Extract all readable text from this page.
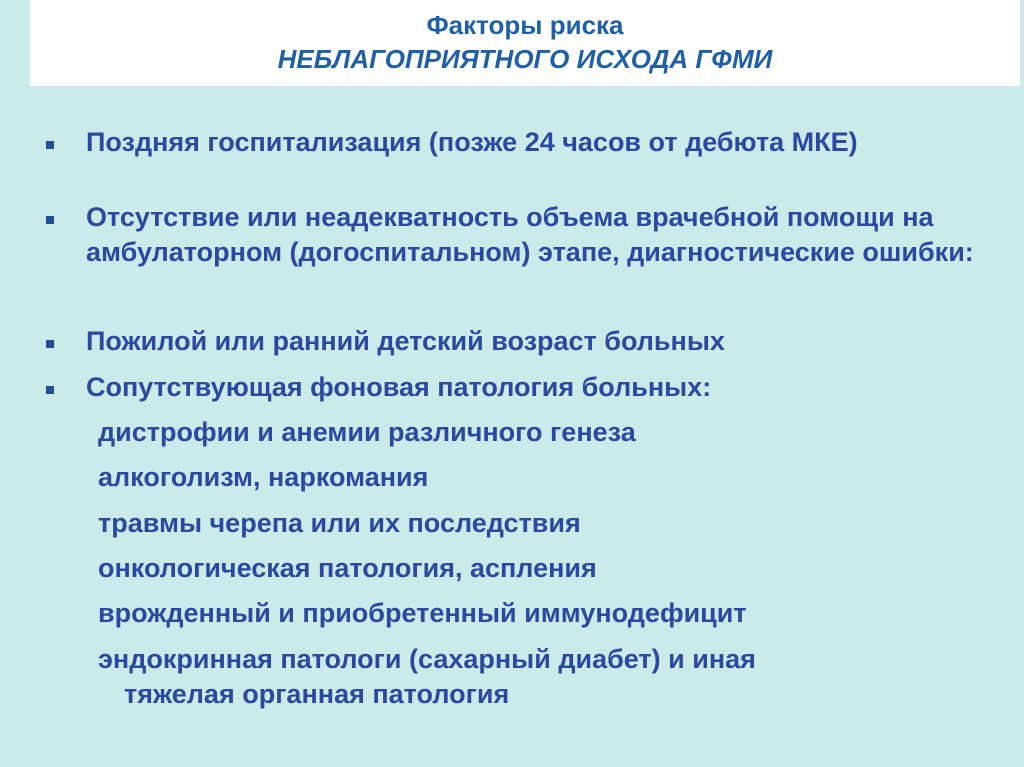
Факторы риска
НЕБЛАГОПРИЯТНОГО ИСХОДА ГФМИ
Поздняя госпитализация (позже 24 часов от дебюта МКЕ)
Отсутствие или неадекватность объема врачебной помощи на амбулаторном (догоспитальном) этапе, диагностические ошибки:
Пожилой или ранний детский возраст больных
Сопутствующая фоновая патология больных:
дистрофии и анемии различного генеза
алкоголизм, наркомания
травмы черепа или их последствия
онкологическая патология, аспления
врожденный и приобретенный иммунодефицит
эндокринная патологи (сахарный диабет) и иная
тяжелая органная патология
